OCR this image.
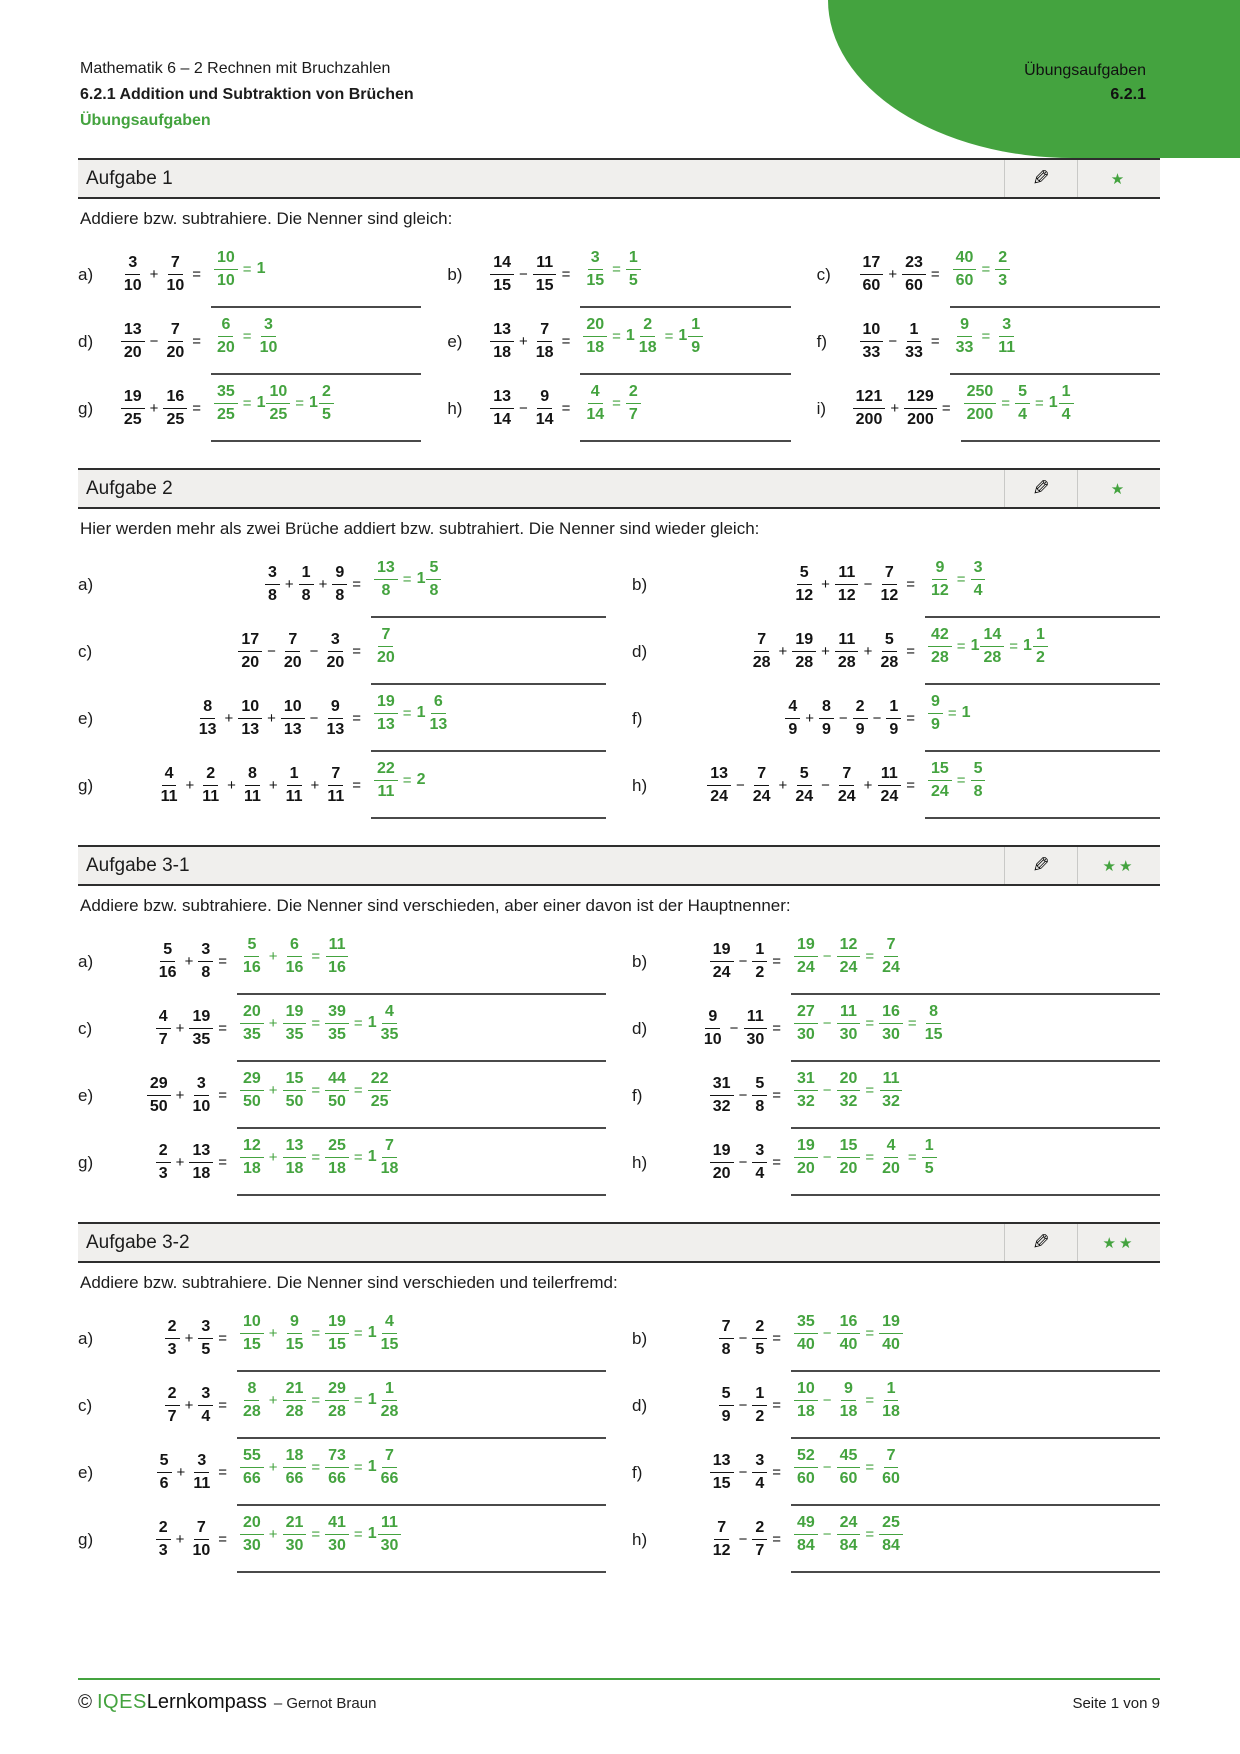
Übungsaufgaben
6.2.1
Mathematik 6 – 2 Rechnen mit Bruchzahlen
6.2.1 Addition und Subtraktion von Brüchen
Übungsaufgaben
Aufgabe 1	✎	★

Addiere bzw. subtrahiere. Die Nenner sind gleich:

a)	$\frac{3}{10} + \frac{7}{10} = \frac{10}{10} = 1$	b)	$\frac{14}{15} - \frac{11}{15} = \frac{3}{15} = \frac{1}{5}$	c)	$\frac{17}{60} + \frac{23}{60} = \frac{40}{60} = \frac{2}{3}$
d)	$\frac{13}{20} - \frac{7}{20} = \frac{6}{20} = \frac{3}{10}$	e)	$\frac{13}{18} + \frac{7}{18} = \frac{20}{18} = 1 \frac{2}{18} = 1 \frac{1}{9}$	f)	$\frac{10}{33} - \frac{1}{33} = \frac{9}{33} = \frac{3}{11}$
g)	$\frac{19}{25} + \frac{16}{25} = \frac{35}{25} = 1 \frac{10}{25} = 1 \frac{2}{5}$	h)	$\frac{13}{14} - \frac{9}{14} = \frac{4}{14} = \frac{2}{7}$	i)	$\frac{121}{200} + \frac{129}{200} = \frac{250}{200} = \frac{5}{4} = 1 \frac{1}{4}$
Aufgabe 2	✎	★

Hier werden mehr als zwei Brüche addiert bzw. subtrahiert. Die Nenner sind wieder gleich:

a)	$\frac{3}{8} + \frac{1}{8} + \frac{9}{8} = \frac{13}{8} = 1 \frac{5}{8}$	b)	$\frac{5}{12} + \frac{11}{12} - \frac{7}{12} = \frac{9}{12} = \frac{3}{4}$
c)	$\frac{17}{20} - \frac{7}{20} - \frac{3}{20} = \frac{7}{20}$	d)	$\frac{7}{28} + \frac{19}{28} + \frac{11}{28} + \frac{5}{28} = \frac{42}{28} = 1 \frac{14}{28} = 1 \frac{1}{2}$
e)	$\frac{8}{13} + \frac{10}{13} + \frac{10}{13} - \frac{9}{13} = \frac{19}{13} = 1 \frac{6}{13}$	f)	$\frac{4}{9} + \frac{8}{9} - \frac{2}{9} - \frac{1}{9} = \frac{9}{9} = 1$
g)	$\frac{4}{11} + \frac{2}{11} + \frac{8}{11} + \frac{1}{11} + \frac{7}{11} = \frac{22}{11} = 2$	h)	$\frac{13}{24} - \frac{7}{24} + \frac{5}{24} - \frac{7}{24} + \frac{11}{24} = \frac{15}{24} = \frac{5}{8}$
Aufgabe 3-1	✎	★★

Addiere bzw. subtrahiere. Die Nenner sind verschieden, aber einer davon ist der Hauptnenner:

a)	$\frac{5}{16} + \frac{3}{8} = \frac{5}{16} + \frac{6}{16} = \frac{11}{16}$	b)	$\frac{19}{24} - \frac{1}{2} = \frac{19}{24} - \frac{12}{24} = \frac{7}{24}$
c)	$\frac{4}{7} + \frac{19}{35} = \frac{20}{35} + \frac{19}{35} = \frac{39}{35} = 1 \frac{4}{35}$	d)	$\frac{9}{10} - \frac{11}{30} = \frac{27}{30} - \frac{11}{30} = \frac{16}{30} = \frac{8}{15}$
e)	$\frac{29}{50} + \frac{3}{10} = \frac{29}{50} + \frac{15}{50} = \frac{44}{50} = \frac{22}{25}$	f)	$\frac{31}{32} - \frac{5}{8} = \frac{31}{32} - \frac{20}{32} = \frac{11}{32}$
g)	$\frac{2}{3} + \frac{13}{18} = \frac{12}{18} + \frac{13}{18} = \frac{25}{18} = 1 \frac{7}{18}$	h)	$\frac{19}{20} - \frac{3}{4} = \frac{19}{20} - \frac{15}{20} = \frac{4}{20} = \frac{1}{5}$
Aufgabe 3-2	✎	★★

Addiere bzw. subtrahiere. Die Nenner sind verschieden und teilerfremd:

a)	$\frac{2}{3} + \frac{3}{5} = \frac{10}{15} + \frac{9}{15} = \frac{19}{15} = 1 \frac{4}{15}$	b)	$\frac{7}{8} - \frac{2}{5} = \frac{35}{40} - \frac{16}{40} = \frac{19}{40}$
c)	$\frac{2}{7} + \frac{3}{4} = \frac{8}{28} + \frac{21}{28} = \frac{29}{28} = 1 \frac{1}{28}$	d)	$\frac{5}{9} - \frac{1}{2} = \frac{10}{18} - \frac{9}{18} = \frac{1}{18}$
e)	$\frac{5}{6} + \frac{3}{11} = \frac{55}{66} + \frac{18}{66} = \frac{73}{66} = 1 \frac{7}{66}$	f)	$\frac{13}{15} - \frac{3}{4} = \frac{52}{60} - \frac{45}{60} = \frac{7}{60}$
g)	$\frac{2}{3} + \frac{7}{10} = \frac{20}{30} + \frac{21}{30} = \frac{41}{30} = 1 \frac{11}{30}$	h)	$\frac{7}{12} - \frac{2}{7} = \frac{49}{84} - \frac{24}{84} = \frac{25}{84}$
© IQES Lernkompass – Gernot Braun	Seite 1 von 9
